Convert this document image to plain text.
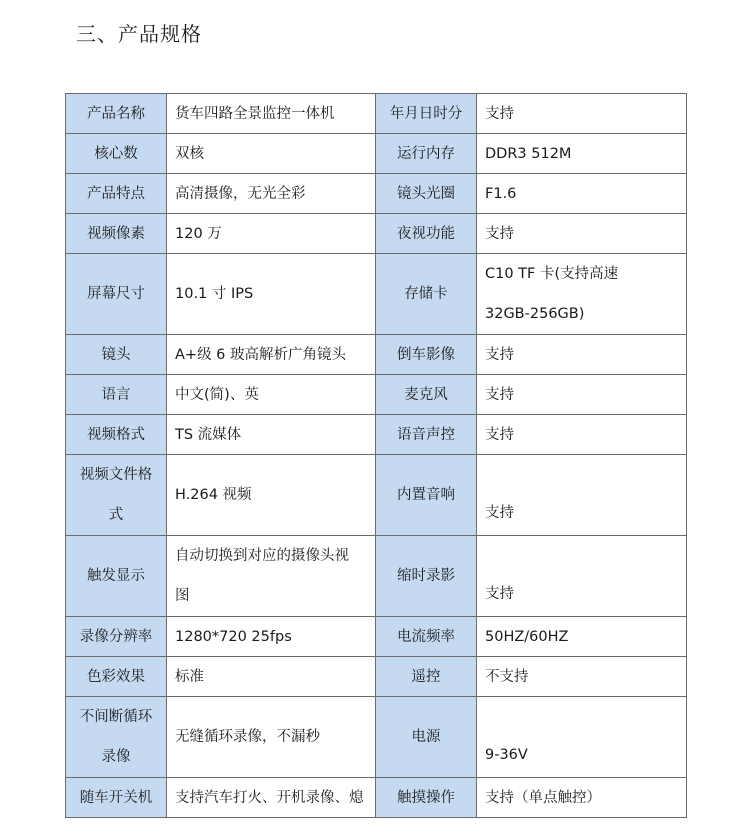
三、产品规格
产品名称	货车四路全景监控一体机	年月日时分	支持
核心数	双核	运行内存	DDR3 512M
产品特点	高清摄像，无光全彩	镜头光圈	F1.6
视频像素	120 万	夜视功能	支持
屏幕尺寸	10.1 寸 IPS	存储卡	C10 TF 卡(支持高速
32GB-256GB)

镜头	A+级 6 玻高解析广角镜头	倒车影像	支持
语言	中文(简)、英	麦克风	支持
视频格式	TS 流媒体	语音声控	支持

视频文件格
式	H.264 视频	内置音响	支持

触发显示	自动切换到对应的摄像头视
图	缩时录影	支持

录像分辨率	1280*720 25fps	电流频率	50HZ/60HZ
色彩效果	标准	遥控	不支持

不间断循环
录像	无缝循环录像，不漏秒	电源	9-36V

随车开关机	支持汽车打火、开机录像、熄	触摸操作	支持（单点触控）
